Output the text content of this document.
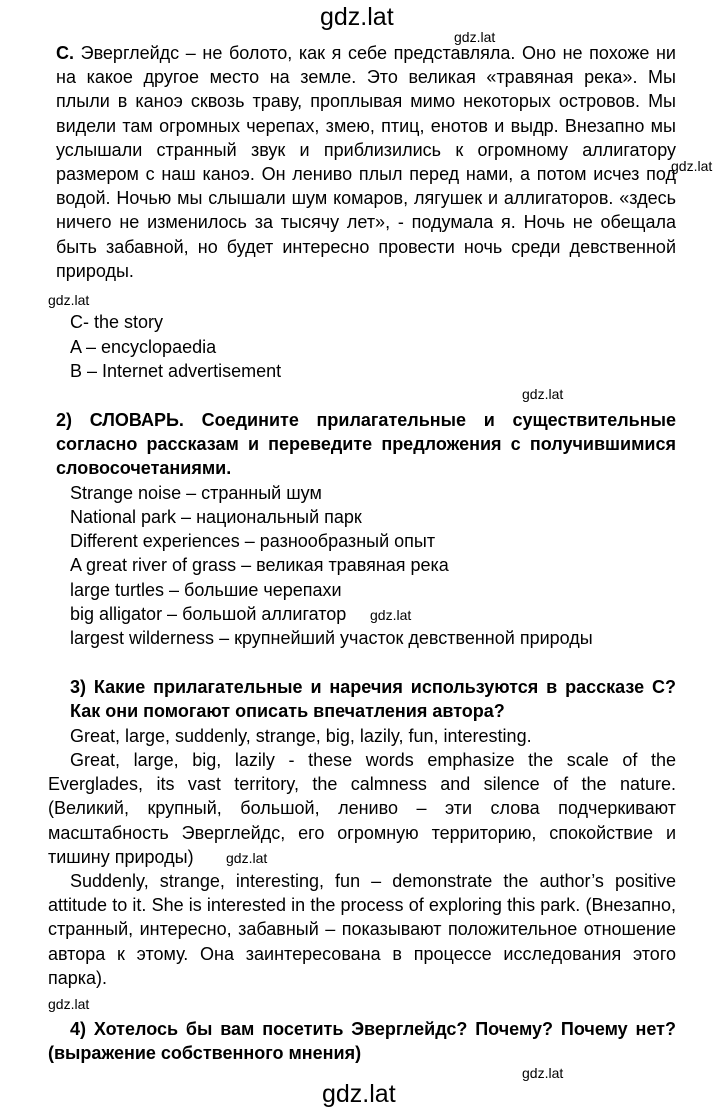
gdz.lat
gdz.lat
gdz.lat
gdz.lat
gdz.lat
gdz.lat
gdz.lat
gdz.lat
gdz.lat
gdz.lat
C. Эверглейдс – не болото, как я себе представляла. Оно не похоже ни на какое другое место на земле. Это великая «травяная река». Мы плыли в каноэ сквозь траву, проплывая мимо некоторых островов. Мы видели там огромных черепах, змею, птиц, енотов и выдр. Внезапно мы услышали странный звук и приблизились к огромному аллигатору размером с наш каноэ. Он лениво плыл перед нами, а потом исчез под водой. Ночью мы слышали шум комаров, лягушек и аллигаторов. «здесь ничего не изменилось за тысячу лет», - подумала я. Ночь не обещала быть забавной, но будет интересно провести ночь среди девственной природы.
C- the story
A – encyclopaedia
B – Internet advertisement
2) СЛОВАРЬ. Соедините прилагательные и существительные согласно рассказам и переведите предложения с получившимися словосочетаниями.
Strange noise – странный шум
National park – национальный парк
Different experiences – разнообразный опыт
A great river of grass – великая травяная река
large turtles – большие черепахи
big alligator – большой аллигатор
largest wilderness – крупнейший участок девственной природы
3) Какие прилагательные и наречия используются в рассказе С? Как они помогают описать впечатления автора?
Great, large, suddenly, strange, big, lazily, fun, interesting.
Great, large, big, lazily - these words emphasize the scale of the Everglades, its vast territory, the calmness and silence of the nature. (Великий, крупный, большой, лениво – эти слова подчеркивают масштабность Эверглейдс, его огромную территорию, спокойствие и тишину природы)
Suddenly, strange, interesting, fun – demonstrate the author’s positive attitude to it. She is interested in the process of exploring this park. (Внезапно, странный, интересно, забавный – показывают положительное отношение автора к этому. Она заинтересована в процессе исследования этого парка).
4) Хотелось бы вам посетить Эверглейдс? Почему? Почему нет? (выражение собственного мнения)
